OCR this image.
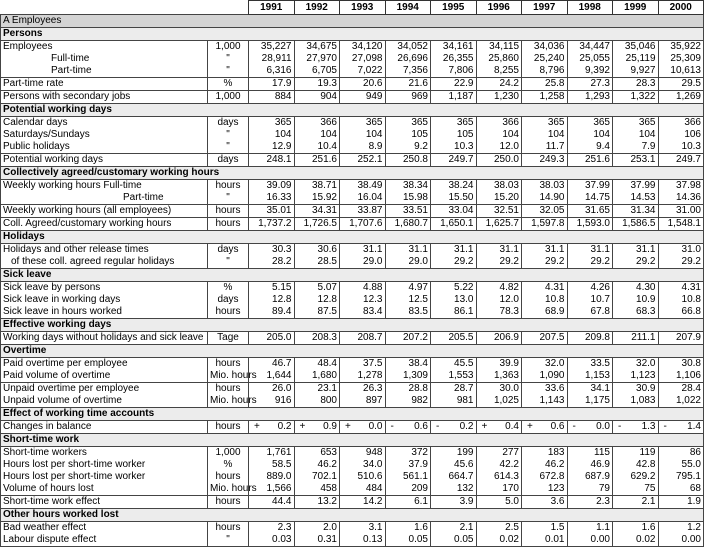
		1991	1992	1993	1994	1995	1996	1997	1998	1999	2000
A Employees											
Persons											
Employees	1,000	35,227	34,675	34,120	34,052	34,161	34,115	34,036	34,447	35,046	35,922
Full-time	"	28,911	27,970	27,098	26,696	26,355	25,860	25,240	25,055	25,119	25,309
Part-time	"	6,316	6,705	7,022	7,356	7,806	8,255	8,796	9,392	9,927	10,613
Part-time rate	%	17.9	19.3	20.6	21.6	22.9	24.2	25.8	27.3	28.3	29.5
Persons with secondary jobs	1,000	884	904	949	969	1,187	1,230	1,258	1,293	1,322	1,269
Potential working days											
Calendar days	days	365	366	365	365	365	366	365	365	365	366
Saturdays/Sundays	"	104	104	104	105	105	104	104	104	104	106
Public holidays	"	12.9	10.4	8.9	9.2	10.3	12.0	11.7	9.4	7.9	10.3
Potential working days	days	248.1	251.6	252.1	250.8	249.7	250.0	249.3	251.6	253.1	249.7
Collectively agreed/customary working hours											
Weekly working hours Full-time	hours	39.09	38.71	38.49	38.34	38.24	38.03	38.03	37.99	37.99	37.98
Part-time	"	16.33	15.92	16.04	15.98	15.50	15.20	14.90	14.75	14.53	14.36
Weekly working hours (all employees)	hours	35.01	34.31	33.87	33.51	33.04	32.51	32.05	31.65	31.34	31.00
Coll. Agreed/customary working hours	hours	1,737.2	1,726.5	1,707.6	1,680.7	1,650.1	1,625.7	1,597.8	1,593.0	1,586.5	1,548.1
Holidays											
Holidays and other release times	days	30.3	30.6	31.1	31.1	31.1	31.1	31.1	31.1	31.1	31.0
of these coll. agreed regular holidays	"	28.2	28.5	29.0	29.0	29.2	29.2	29.2	29.2	29.2	29.2
Sick leave											
Sick leave by persons	%	5.15	5.07	4.88	4.97	5.22	4.82	4.31	4.26	4.30	4.31
Sick leave in working days	days	12.8	12.8	12.3	12.5	13.0	12.0	10.8	10.7	10.9	10.8
Sick leave in hours worked	hours	89.4	87.5	83.4	83.5	86.1	78.3	68.9	67.8	68.3	66.8
Effective working days											
Working days without holidays and sick leave	Tage	205.0	208.3	208.7	207.2	205.5	206.9	207.5	209.8	211.1	207.9
Overtime											
Paid overtime per employee	hours	46.7	48.4	37.5	38.4	45.5	39.9	32.0	33.5	32.0	30.8
Paid volume of overtime	Mio. hours	1,644	1,680	1,278	1,309	1,553	1,363	1,090	1,153	1,123	1,106
Unpaid overtime per employee	hours	26.0	23.1	26.3	28.8	28.7	30.0	33.6	34.1	30.9	28.4
Unpaid volume of overtime	Mio. hours	916	800	897	982	981	1,025	1,143	1,175	1,083	1,022
Effect of working time accounts											
Changes in balance	hours	+ 0.2	+ 0.9	+ 0.0	- 0.6	- 0.2	+ 0.4	+ 0.6	- 0.0	- 1.3	- 1.4
Short-time work											
Short-time workers	1,000	1,761	653	948	372	199	277	183	115	119	86
Hours lost per short-time worker	%	58.5	46.2	34.0	37.9	45.6	42.2	46.2	46.9	42.8	55.0
Hours lost per short-time worker	hours	889.0	702.1	510.6	561.1	664.7	614.3	672.8	687.9	629.2	795.1
Volume of hours lost	Mio. hours	1,566	458	484	209	132	170	123	79	75	68
Short-time work effect	hours	44.4	13.2	14.2	6.1	3.9	5.0	3.6	2.3	2.1	1.9
Other hours worked lost											
Bad weather effect	hours	2.3	2.0	3.1	1.6	2.1	2.5	1.5	1.1	1.6	1.2
Labour dispute effect	"	0.03	0.31	0.13	0.05	0.05	0.02	0.01	0.00	0.02	0.00
